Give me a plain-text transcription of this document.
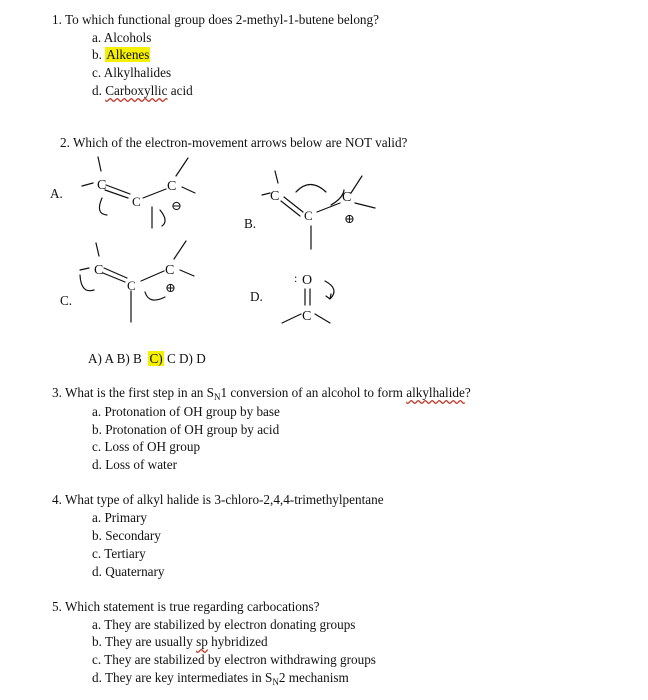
1. To which functional group does 2-methyl-1-butene belong?
a. Alcohols
b. Alkenes
c. Alkylhalides
d. Carboxyllic acid
2. Which of the electron-movement arrows below are NOT valid?
C
C
C
⊖
C
C
C
⊕
C
C
C
⊕
: O
C
A.
B.
C.	D.
A) A B) B C) C D) D
3. What is the first step in an $S_N1$ conversion of an alcohol to form alkylhalide?
a. Protonation of OH group by base
b. Protonation of OH group by acid
c. Loss of OH group
d. Loss of water
4. What type of alkyl halide is 3-chloro-2,4,4-trimethylpentane
a. Primary
b. Secondary
c. Tertiary
d. Quaternary
5. Which statement is true regarding carbocations?
a. They are stabilized by electron donating groups
b. They are usually sp hybridized
c. They are stabilized by electron withdrawing groups
d. They are key intermediates in $S_N2$ mechanism
